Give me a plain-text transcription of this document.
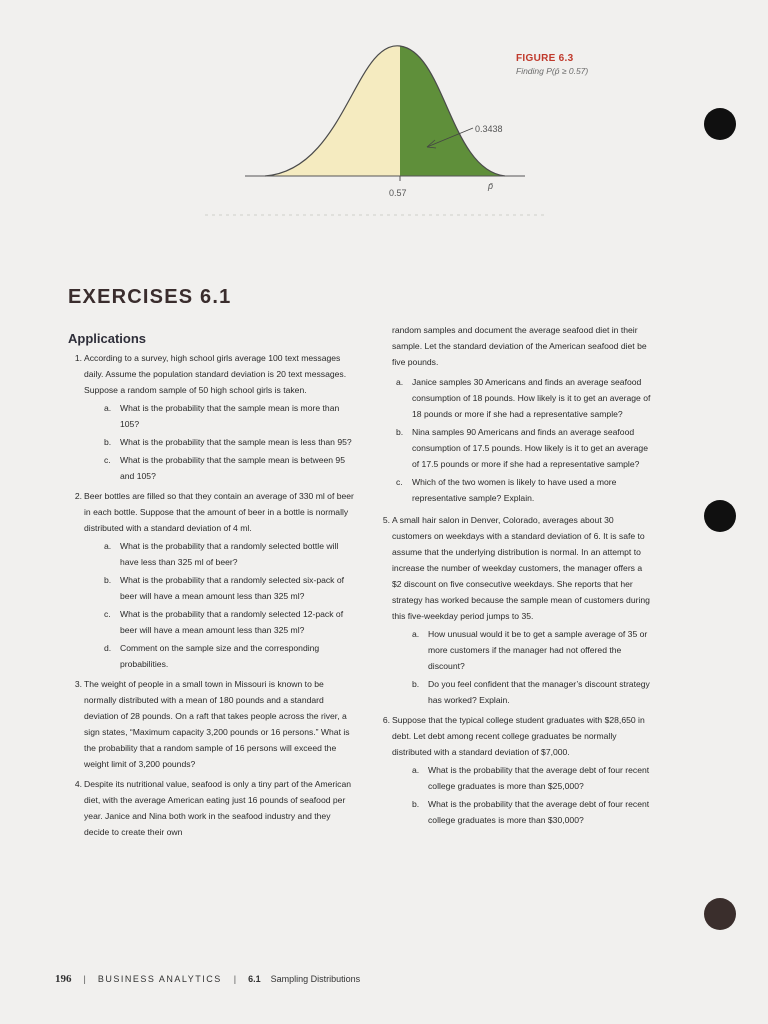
0.3438
0.57
p̄
FIGURE 6.3
Finding P(p̄ ≥ 0.57)
EXERCISES 6.1
Applications
1. According to a survey, high school girls average 100 text messages daily. Assume the population standard deviation is 20 text messages. Suppose a random sample of 50 high school girls is taken.
a. What is the probability that the sample mean is more than 105?
b. What is the probability that the sample mean is less than 95?
c. What is the probability that the sample mean is between 95 and 105?
2. Beer bottles are filled so that they contain an average of 330 ml of beer in each bottle. Suppose that the amount of beer in a bottle is normally distributed with a standard deviation of 4 ml.
a. What is the probability that a randomly selected bottle will have less than 325 ml of beer?
b. What is the probability that a randomly selected six-pack of beer will have a mean amount less than 325 ml?
c. What is the probability that a randomly selected 12-pack of beer will have a mean amount less than 325 ml?
d. Comment on the sample size and the corresponding probabilities.
3. The weight of people in a small town in Missouri is known to be normally distributed with a mean of 180 pounds and a standard deviation of 28 pounds. On a raft that takes people across the river, a sign states, “Maximum capacity 3,200 pounds or 16 persons.” What is the probability that a random sample of 16 persons will exceed the weight limit of 3,200 pounds?
4. Despite its nutritional value, seafood is only a tiny part of the American diet, with the average American eating just 16 pounds of seafood per year. Janice and Nina both work in the seafood industry and they decide to create their own
random samples and document the average seafood diet in their sample. Let the standard deviation of the American seafood diet be five pounds.
a. Janice samples 30 Americans and finds an average seafood consumption of 18 pounds. How likely is it to get an average of 18 pounds or more if she had a representative sample?
b. Nina samples 90 Americans and finds an average seafood consumption of 17.5 pounds. How likely is it to get an average of 17.5 pounds or more if she had a representative sample?
c. Which of the two women is likely to have used a more representative sample? Explain.
5. A small hair salon in Denver, Colorado, averages about 30 customers on weekdays with a standard deviation of 6. It is safe to assume that the underlying distribution is normal. In an attempt to increase the number of weekday customers, the manager offers a $2 discount on five consecutive weekdays. She reports that her strategy has worked because the sample mean of customers during this five-weekday period jumps to 35.
a. How unusual would it be to get a sample average of 35 or more customers if the manager had not offered the discount?
b. Do you feel confident that the manager’s discount strategy has worked? Explain.
6. Suppose that the typical college student graduates with $28,650 in debt. Let debt among recent college graduates be normally distributed with a standard deviation of $7,000.
a. What is the probability that the average debt of four recent college graduates is more than $25,000?
b. What is the probability that the average debt of four recent college graduates is more than $30,000?
196 | BUSINESS ANALYTICS | 6.1 Sampling Distributions
